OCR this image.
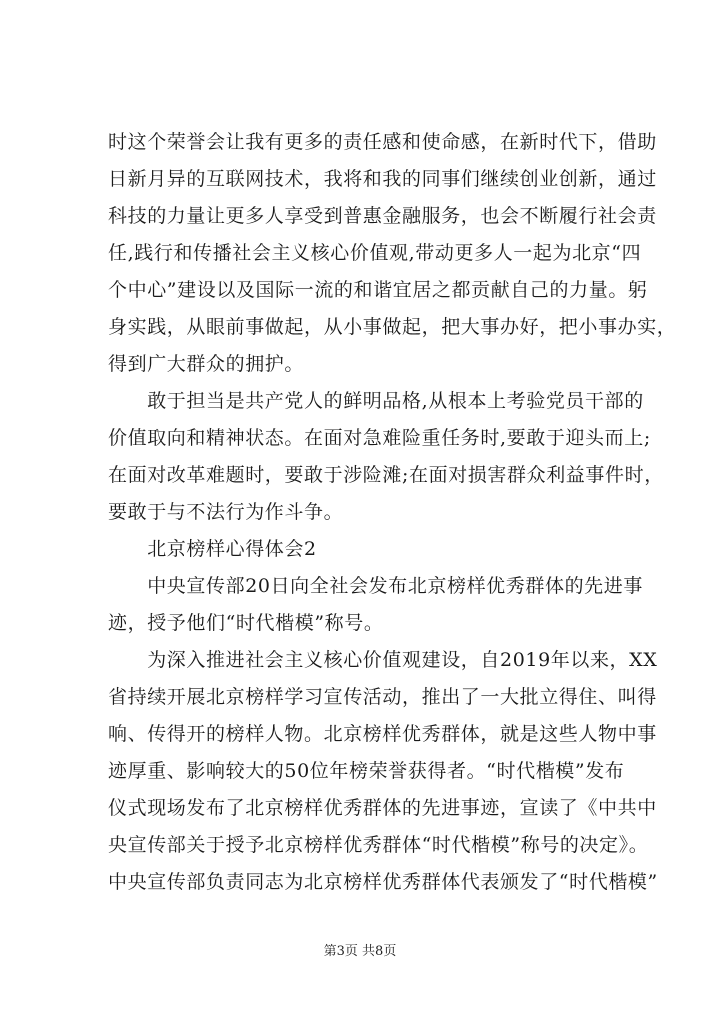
时这个荣誉会让我有更多的责任感和使命感，在新时代下，借助
日新月异的互联网技术，我将和我的同事们继续创业创新，通过
科技的力量让更多人享受到普惠金融服务，也会不断履行社会责
任,践行和传播社会主义核心价值观,带动更多人一起为北京“四
个中心”建设以及国际一流的和谐宜居之都贡献自己的力量。躬
身实践，从眼前事做起，从小事做起，把大事办好，把小事办实，
得到广大群众的拥护。
　　敢于担当是共产党人的鲜明品格,从根本上考验党员干部的
价值取向和精神状态。在面对急难险重任务时,要敢于迎头而上;
在面对改革难题时，要敢于涉险滩;在面对损害群众利益事件时，
要敢于与不法行为作斗争。
　　北京榜样心得体会2
　　中央宣传部20日向全社会发布北京榜样优秀群体的先进事
迹，授予他们“时代楷模”称号。
　　为深入推进社会主义核心价值观建设，自2019年以来，XX
省持续开展北京榜样学习宣传活动，推出了一大批立得住、叫得
响、传得开的榜样人物。北京榜样优秀群体，就是这些人物中事
迹厚重、影响较大的50位年榜荣誉获得者。“时代楷模”发布
仪式现场发布了北京榜样优秀群体的先进事迹，宣读了《中共中
央宣传部关于授予北京榜样优秀群体“时代楷模”称号的决定》。
中央宣传部负责同志为北京榜样优秀群体代表颁发了“时代楷模”
第3页 共8页
